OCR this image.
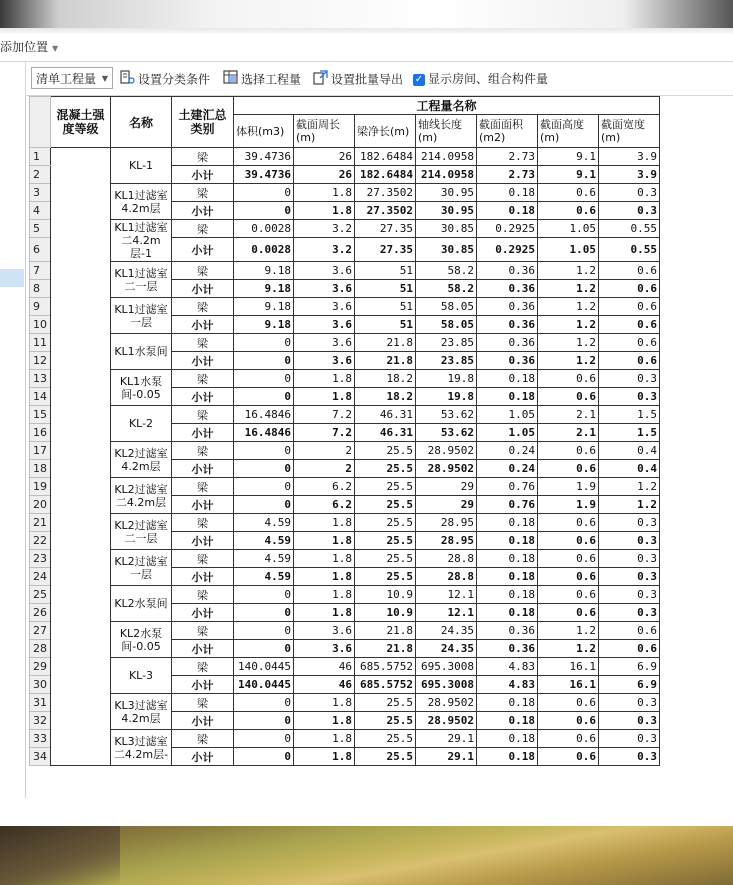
添加位置 ▼
清单工程量 ▼	设置分类条件	选择工程量	设置批量导出 ✓ 显示房间、组合构件量
	混凝土强度等级	名称	土建汇总类别	工程量名称						
				体积(m3)	截面周长(m)	梁净长(m)	轴线长度(m)	截面面积(m2)	截面高度(m)	截面宽度(m)
1		KL-1	梁	39.4736	26	182.6484	214.0958	2.73	9.1	3.9
2			小计	39.4736	26	182.6484	214.0958	2.73	9.1	3.9
3		KL1过滤室4.2m层	梁	0	1.8	27.3502	30.95	0.18	0.6	0.3
4			小计	0	1.8	27.3502	30.95	0.18	0.6	0.3
5		KL1过滤室二4.2m层-1	梁	0.0028	3.2	27.35	30.85	0.2925	1.05	0.55
6			小计	0.0028	3.2	27.35	30.85	0.2925	1.05	0.55
7		KL1过滤室二一层	梁	9.18	3.6	51	58.2	0.36	1.2	0.6
8			小计	9.18	3.6	51	58.2	0.36	1.2	0.6
9		KL1过滤室一层	梁	9.18	3.6	51	58.05	0.36	1.2	0.6
10			小计	9.18	3.6	51	58.05	0.36	1.2	0.6
11		KL1水泵间	梁	0	3.6	21.8	23.85	0.36	1.2	0.6
12			小计	0	3.6	21.8	23.85	0.36	1.2	0.6
13		KL1水泵间-0.05	梁	0	1.8	18.2	19.8	0.18	0.6	0.3
14			小计	0	1.8	18.2	19.8	0.18	0.6	0.3
15		KL-2	梁	16.4846	7.2	46.31	53.62	1.05	2.1	1.5
16			小计	16.4846	7.2	46.31	53.62	1.05	2.1	1.5
17		KL2过滤室4.2m层	梁	0	2	25.5	28.9502	0.24	0.6	0.4
18			小计	0	2	25.5	28.9502	0.24	0.6	0.4
19		KL2过滤室二4.2m层	梁	0	6.2	25.5	29	0.76	1.9	1.2
20			小计	0	6.2	25.5	29	0.76	1.9	1.2
21		KL2过滤室二一层	梁	4.59	1.8	25.5	28.95	0.18	0.6	0.3
22			小计	4.59	1.8	25.5	28.95	0.18	0.6	0.3
23		KL2过滤室一层	梁	4.59	1.8	25.5	28.8	0.18	0.6	0.3
24			小计	4.59	1.8	25.5	28.8	0.18	0.6	0.3
25		KL2水泵间	梁	0	1.8	10.9	12.1	0.18	0.6	0.3
26			小计	0	1.8	10.9	12.1	0.18	0.6	0.3
27		KL2水泵间-0.05	梁	0	3.6	21.8	24.35	0.36	1.2	0.6
28			小计	0	3.6	21.8	24.35	0.36	1.2	0.6
29		KL-3	梁	140.0445	46	685.5752	695.3008	4.83	16.1	6.9
30			小计	140.0445	46	685.5752	695.3008	4.83	16.1	6.9
31		KL3过滤室4.2m层	梁	0	1.8	25.5	28.9502	0.18	0.6	0.3
32			小计	0	1.8	25.5	28.9502	0.18	0.6	0.3
33		KL3过滤室二4.2m层-	梁	0	1.8	25.5	29.1	0.18	0.6	0.3
34			小计	0	1.8	25.5	29.1	0.18	0.6	0.3
